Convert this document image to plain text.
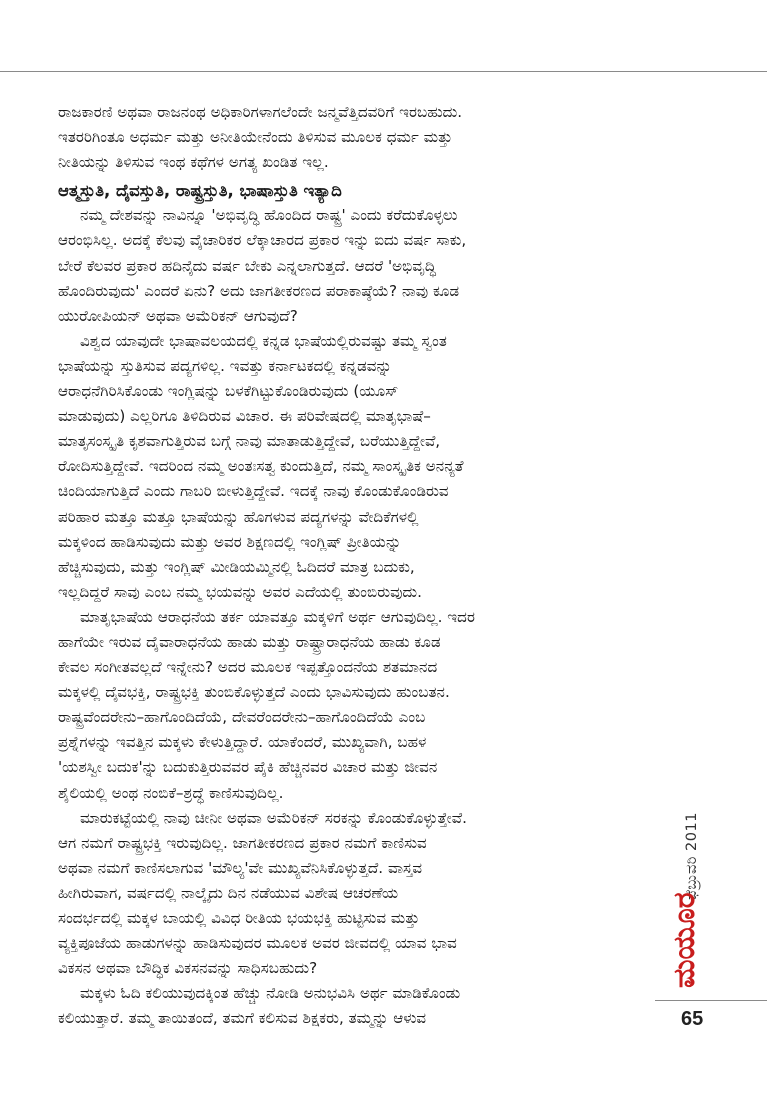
ರಾಜಕಾರಣಿ ಅಥವಾ ರಾಜನಂಥ ಅಧಿಕಾರಿಗಳಾಗಲೆಂದೇ ಜನ್ಮವೆತ್ತಿದವರಿಗೆ ಇರಬಹುದು.
ಇತರರಿಗಿಂತೂ ಅಧರ್ಮ ಮತ್ತು ಅನೀತಿಯೇನೆಂದು ತಿಳಿಸುವ ಮೂಲಕ ಧರ್ಮ ಮತ್ತು
ನೀತಿಯನ್ನು ತಿಳಿಸುವ ಇಂಥ ಕಥೆಗಳ ಅಗತ್ಯ ಖಂಡಿತ ಇಲ್ಲ.

ಆತ್ಮಸ್ತುತಿ, ದೈವಸ್ತುತಿ, ರಾಷ್ಟ್ರಸ್ತುತಿ, ಭಾಷಾಸ್ತುತಿ ಇತ್ಯಾದಿ

ನಮ್ಮ ದೇಶವನ್ನು ನಾವಿನ್ನೂ 'ಅಭಿವೃದ್ಧಿ ಹೊಂದಿದ ರಾಷ್ಟ್ರ' ಎಂದು ಕರೆದುಕೊಳ್ಳಲು
ಆರಂಭಿಸಿಲ್ಲ. ಅದಕ್ಕೆ ಕೆಲವು ವೈಚಾರಿಕರ ಲೆಕ್ಕಾಚಾರದ ಪ್ರಕಾರ ಇನ್ನು ಐದು ವರ್ಷ ಸಾಕು,
ಬೇರೆ ಕೆಲವರ ಪ್ರಕಾರ ಹದಿನೈದು ವರ್ಷ ಬೇಕು ಎನ್ನಲಾಗುತ್ತದೆ. ಆದರೆ 'ಅಭಿವೃದ್ಧಿ
ಹೊಂದಿರುವುದು' ಎಂದರೆ ಏನು? ಅದು ಜಾಗತೀಕರಣದ ಪರಾಕಾಷ್ಠೆಯೆ? ನಾವು ಕೂಡ
ಯುರೋಪಿಯನ್ ಅಥವಾ ಅಮೆರಿಕನ್ ಆಗುವುದೆ?

ವಿಶ್ವದ ಯಾವುದೇ ಭಾಷಾವಲಯದಲ್ಲಿ ಕನ್ನಡ ಭಾಷೆಯಲ್ಲಿರುವಷ್ಟು ತಮ್ಮ ಸ್ವಂತ
ಭಾಷೆಯನ್ನು ಸ್ತುತಿಸುವ ಪದ್ಯಗಳಿಲ್ಲ. ಇವತ್ತು ಕರ್ನಾಟಕದಲ್ಲಿ ಕನ್ನಡವನ್ನು
ಆರಾಧನೆಗಿರಿಸಿಕೊಂಡು ಇಂಗ್ಲಿಷನ್ನು ಬಳಕೆಗಿಟ್ಟುಕೊಂಡಿರುವುದು (ಯೂಸ್
ಮಾಡುವುದು) ಎಲ್ಲರಿಗೂ ತಿಳಿದಿರುವ ವಿಚಾರ. ಈ ಪರಿವೇಷದಲ್ಲಿ ಮಾತೃಭಾಷೆ–
ಮಾತೃಸಂಸ್ಕೃತಿ ಕೃಶವಾಗುತ್ತಿರುವ ಬಗ್ಗೆ ನಾವು ಮಾತಾಡುತ್ತಿದ್ದೇವೆ, ಬರೆಯುತ್ತಿದ್ದೇವೆ,
ರೋದಿಸುತ್ತಿದ್ದೇವೆ. ಇದರಿಂದ ನಮ್ಮ ಅಂತಃಸತ್ವ ಕುಂದುತ್ತಿದೆ, ನಮ್ಮ ಸಾಂಸ್ಕೃತಿಕ ಅನನ್ಯತೆ
ಚಿಂದಿಯಾಗುತ್ತಿದೆ ಎಂದು ಗಾಬರಿ ಬೀಳುತ್ತಿದ್ದೇವೆ. ಇದಕ್ಕೆ ನಾವು ಕೊಂಡುಕೊಂಡಿರುವ
ಪರಿಹಾರ ಮತ್ತೂ ಮತ್ತೂ ಭಾಷೆಯನ್ನು ಹೊಗಳುವ ಪದ್ಯಗಳನ್ನು ವೇದಿಕೆಗಳಲ್ಲಿ
ಮಕ್ಕಳಿಂದ ಹಾಡಿಸುವುದು ಮತ್ತು ಅವರ ಶಿಕ್ಷಣದಲ್ಲಿ ಇಂಗ್ಲಿಷ್ ಪ್ರೀತಿಯನ್ನು
ಹೆಚ್ಚಿಸುವುದು, ಮತ್ತು ಇಂಗ್ಲಿಷ್ ಮೀಡಿಯಮ್ಮಿನಲ್ಲಿ ಓದಿದರೆ ಮಾತ್ರ ಬದುಕು,
ಇಲ್ಲದಿದ್ದರೆ ಸಾವು ಎಂಬ ನಮ್ಮ ಭಯವನ್ನು ಅವರ ಎದೆಯಲ್ಲಿ ತುಂಬಿರುವುದು.

ಮಾತೃಭಾಷೆಯ ಆರಾಧನೆಯ ತರ್ಕ ಯಾವತ್ತೂ ಮಕ್ಕಳಿಗೆ ಅರ್ಥ ಆಗುವುದಿಲ್ಲ. ಇದರ
ಹಾಗೆಯೇ ಇರುವ ದೈವಾರಾಧನೆಯ ಹಾಡು ಮತ್ತು ರಾಷ್ಟ್ರಾರಾಧನೆಯ ಹಾಡು ಕೂಡ
ಕೇವಲ ಸಂಗೀತವಲ್ಲದೆ ಇನ್ನೇನು? ಅದರ ಮೂಲಕ ಇಪ್ಪತ್ತೊಂದನೆಯ ಶತಮಾನದ
ಮಕ್ಕಳಲ್ಲಿ ದೈವಭಕ್ತಿ, ರಾಷ್ಟ್ರಭಕ್ತಿ ತುಂಬಿಕೊಳ್ಳುತ್ತದೆ ಎಂದು ಭಾವಿಸುವುದು ಹುಂಬತನ.
ರಾಷ್ಟ್ರವೆಂದರೇನು–ಹಾಗೊಂದಿದೆಯೆ, ದೇವರೆಂದರೇನು–ಹಾಗೊಂದಿದೆಯೆ ಎಂಬ
ಪ್ರಶ್ನೆಗಳನ್ನು ಇವತ್ತಿನ ಮಕ್ಕಳು ಕೇಳುತ್ತಿದ್ದಾರೆ. ಯಾಕೆಂದರೆ, ಮುಖ್ಯವಾಗಿ, ಬಹಳ
'ಯಶಸ್ವೀ ಬದುಕ'ನ್ನು ಬದುಕುತ್ತಿರುವವರ ಪೈಕಿ ಹೆಚ್ಚಿನವರ ವಿಚಾರ ಮತ್ತು ಜೀವನ
ಶೈಲಿಯಲ್ಲಿ ಅಂಥ ನಂಬಿಕೆ–ಶ್ರದ್ಧೆ ಕಾಣಿಸುವುದಿಲ್ಲ.

ಮಾರುಕಟ್ಟೆಯಲ್ಲಿ ನಾವು ಚೀನೀ ಅಥವಾ ಅಮೆರಿಕನ್ ಸರಕನ್ನು ಕೊಂಡುಕೊಳ್ಳುತ್ತೇವೆ.
ಆಗ ನಮಗೆ ರಾಷ್ಟ್ರಭಕ್ತಿ ಇರುವುದಿಲ್ಲ. ಜಾಗತೀಕರಣದ ಪ್ರಕಾರ ನಮಗೆ ಕಾಣಿಸುವ
ಅಥವಾ ನಮಗೆ ಕಾಣಿಸಲಾಗುವ 'ಮೌಲ್ಯ'ವೇ ಮುಖ್ಯವೆನಿಸಿಕೊಳ್ಳುತ್ತದೆ. ವಾಸ್ತವ
ಹೀಗಿರುವಾಗ, ವರ್ಷದಲ್ಲಿ ನಾಲ್ಕೈದು ದಿನ ನಡೆಯುವ ವಿಶೇಷ ಆಚರಣೆಯ
ಸಂದರ್ಭದಲ್ಲಿ ಮಕ್ಕಳ ಬಾಯಲ್ಲಿ ವಿವಿಧ ರೀತಿಯ ಭಯಭಕ್ತಿ ಹುಟ್ಟಿಸುವ ಮತ್ತು
ವ್ಯಕ್ತಿಪೂಜೆಯ ಹಾಡುಗಳನ್ನು ಹಾಡಿಸುವುದರ ಮೂಲಕ ಅವರ ಜೀವದಲ್ಲಿ ಯಾವ ಭಾವ
ವಿಕಸನ ಅಥವಾ ಬೌದ್ಧಿಕ ವಿಕಸನವನ್ನು ಸಾಧಿಸಬಹುದು?

ಮಕ್ಕಳು ಓದಿ ಕಲಿಯುವುದಕ್ಕಿಂತ ಹೆಚ್ಚು ನೋಡಿ ಅನುಭವಿಸಿ ಅರ್ಥ ಮಾಡಿಕೊಂಡು
ಕಲಿಯುತ್ತಾರೆ. ತಮ್ಮ ತಾಯಿತಂದೆ, ತಮಗೆ ಕಲಿಸುವ ಶಿಕ್ಷಕರು, ತಮ್ಮನ್ನು ಆಳುವ

ಫೆಬ್ರುವರಿ 2011
ಮಯೂರ
65
